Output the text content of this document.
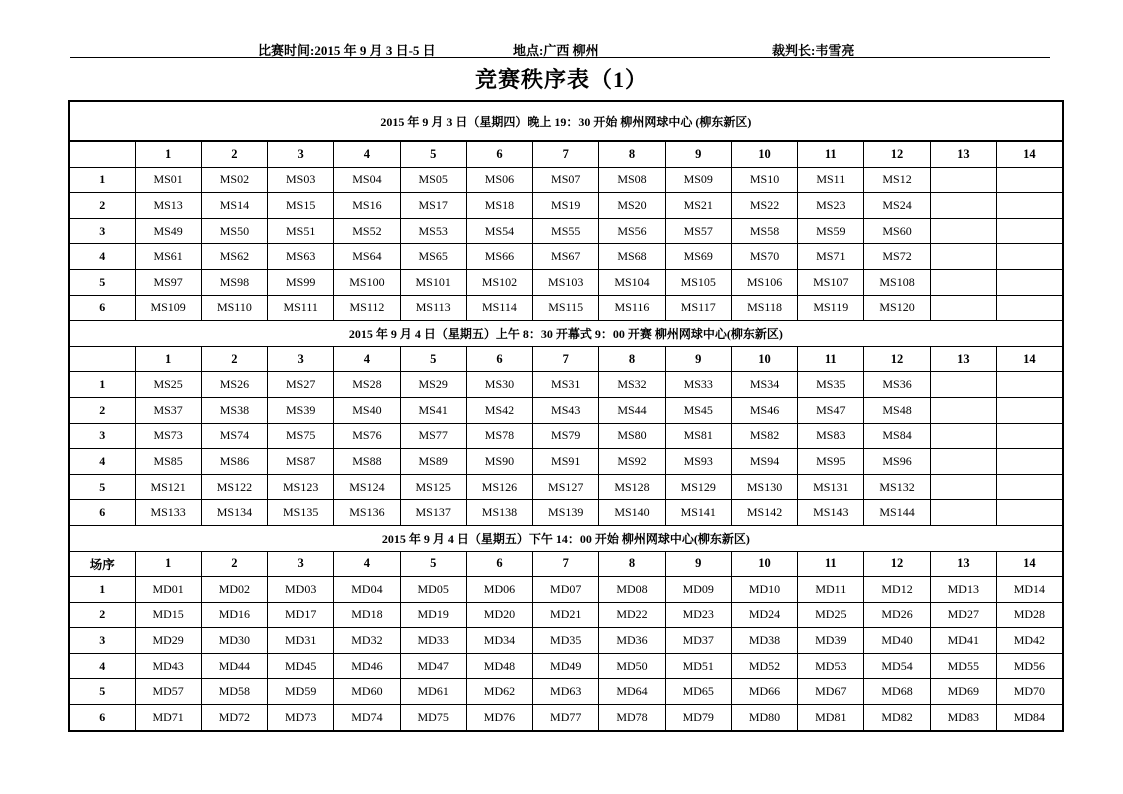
比赛时间:2015 年 9 月 3 日-5 日	地点:广西 柳州	裁判长:韦雪亮
竞赛秩序表（1）
2015 年 9 月 3 日（星期四）晚上 19：30 开始 柳州网球中心 (柳东新区)														
	1	2	3	4	5	6	7	8	9	10	11	12	13	14
1	MS01	MS02	MS03	MS04	MS05	MS06	MS07	MS08	MS09	MS10	MS11	MS12		
2	MS13	MS14	MS15	MS16	MS17	MS18	MS19	MS20	MS21	MS22	MS23	MS24		
3	MS49	MS50	MS51	MS52	MS53	MS54	MS55	MS56	MS57	MS58	MS59	MS60		
4	MS61	MS62	MS63	MS64	MS65	MS66	MS67	MS68	MS69	MS70	MS71	MS72		
5	MS97	MS98	MS99	MS100	MS101	MS102	MS103	MS104	MS105	MS106	MS107	MS108		
6	MS109	MS110	MS111	MS112	MS113	MS114	MS115	MS116	MS117	MS118	MS119	MS120		
2015 年 9 月 4 日（星期五）上午 8：30 开幕式 9：00 开赛 柳州网球中心(柳东新区)														
	1	2	3	4	5	6	7	8	9	10	11	12	13	14
1	MS25	MS26	MS27	MS28	MS29	MS30	MS31	MS32	MS33	MS34	MS35	MS36		
2	MS37	MS38	MS39	MS40	MS41	MS42	MS43	MS44	MS45	MS46	MS47	MS48		
3	MS73	MS74	MS75	MS76	MS77	MS78	MS79	MS80	MS81	MS82	MS83	MS84		
4	MS85	MS86	MS87	MS88	MS89	MS90	MS91	MS92	MS93	MS94	MS95	MS96		
5	MS121	MS122	MS123	MS124	MS125	MS126	MS127	MS128	MS129	MS130	MS131	MS132		
6	MS133	MS134	MS135	MS136	MS137	MS138	MS139	MS140	MS141	MS142	MS143	MS144		
2015 年 9 月 4 日（星期五）下午 14：00 开始 柳州网球中心(柳东新区)														
场序	1	2	3	4	5	6	7	8	9	10	11	12	13	14
1	MD01	MD02	MD03	MD04	MD05	MD06	MD07	MD08	MD09	MD10	MD11	MD12	MD13	MD14
2	MD15	MD16	MD17	MD18	MD19	MD20	MD21	MD22	MD23	MD24	MD25	MD26	MD27	MD28
3	MD29	MD30	MD31	MD32	MD33	MD34	MD35	MD36	MD37	MD38	MD39	MD40	MD41	MD42
4	MD43	MD44	MD45	MD46	MD47	MD48	MD49	MD50	MD51	MD52	MD53	MD54	MD55	MD56
5	MD57	MD58	MD59	MD60	MD61	MD62	MD63	MD64	MD65	MD66	MD67	MD68	MD69	MD70
6	MD71	MD72	MD73	MD74	MD75	MD76	MD77	MD78	MD79	MD80	MD81	MD82	MD83	MD84
